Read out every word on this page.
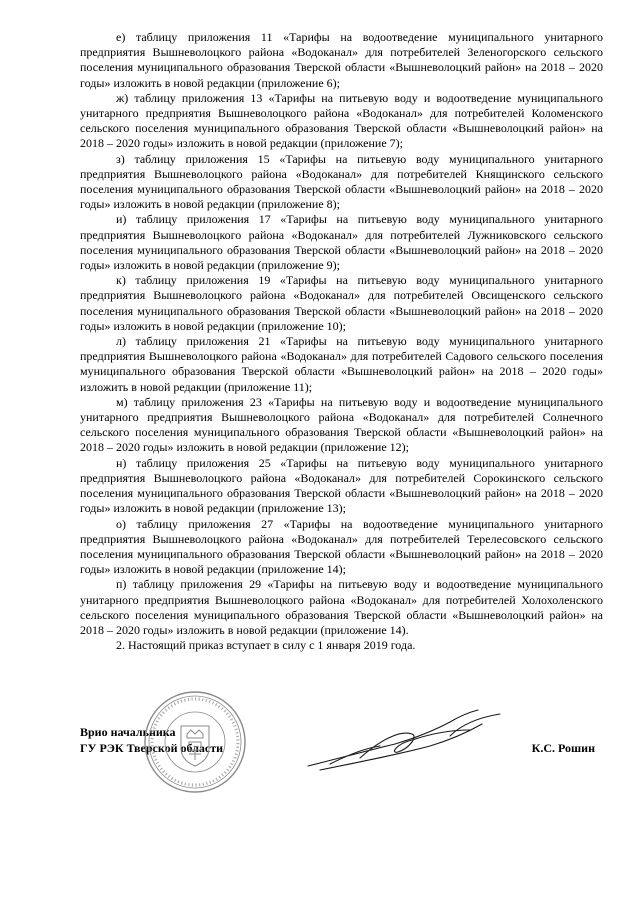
е) таблицу приложения 11 «Тарифы на водоотведение муниципального унитарного предприятия Вышневолоцкого района «Водоканал» для потребителей Зеленогорского сельского поселения муниципального образования Тверской области «Вышневолоцкий район» на 2018 – 2020 годы» изложить в новой редакции (приложение 6);

ж) таблицу приложения 13 «Тарифы на питьевую воду и водоотведение муниципального унитарного предприятия Вышневолоцкого района «Водоканал» для потребителей Коломенского сельского поселения муниципального образования Тверской области «Вышневолоцкий район» на 2018 – 2020 годы» изложить в новой редакции (приложение 7);

з) таблицу приложения 15 «Тарифы на питьевую воду муниципального унитарного предприятия Вышневолоцкого района «Водоканал» для потребителей Княщинского сельского поселения муниципального образования Тверской области «Вышневолоцкий район» на 2018 – 2020 годы» изложить в новой редакции (приложение 8);

и) таблицу приложения 17 «Тарифы на питьевую воду муниципального унитарного предприятия Вышневолоцкого района «Водоканал» для потребителей Лужниковского сельского поселения муниципального образования Тверской области «Вышневолоцкий район» на 2018 – 2020 годы» изложить в новой редакции (приложение 9);

к) таблицу приложения 19 «Тарифы на питьевую воду муниципального унитарного предприятия Вышневолоцкого района «Водоканал» для потребителей Овсищенского сельского поселения муниципального образования Тверской области «Вышневолоцкий район» на 2018 – 2020 годы» изложить в новой редакции (приложение 10);

л) таблицу приложения 21 «Тарифы на питьевую воду муниципального унитарного предприятия Вышневолоцкого района «Водоканал» для потребителей Садового сельского поселения муниципального образования Тверской области «Вышневолоцкий район» на 2018 – 2020 годы» изложить в новой редакции (приложение 11);

м) таблицу приложения 23 «Тарифы на питьевую воду и водоотведение муниципального унитарного предприятия Вышневолоцкого района «Водоканал» для потребителей Солнечного сельского поселения муниципального образования Тверской области «Вышневолоцкий район» на 2018 – 2020 годы» изложить в новой редакции (приложение 12);

н) таблицу приложения 25 «Тарифы на питьевую воду муниципального унитарного предприятия Вышневолоцкого района «Водоканал» для потребителей Сорокинского сельского поселения муниципального образования Тверской области «Вышневолоцкий район» на 2018 – 2020 годы» изложить в новой редакции (приложение 13);

о) таблицу приложения 27 «Тарифы на водоотведение муниципального унитарного предприятия Вышневолоцкого района «Водоканал» для потребителей Терелесовского сельского поселения муниципального образования Тверской области «Вышневолоцкий район» на 2018 – 2020 годы» изложить в новой редакции (приложение 14);

п) таблицу приложения 29 «Тарифы на питьевую воду и водоотведение муниципального унитарного предприятия Вышневолоцкого района «Водоканал» для потребителей Холохоленского сельского поселения муниципального образования Тверской области «Вышневолоцкий район» на 2018 – 2020 годы» изложить в новой редакции (приложение 14).

2. Настоящий приказ вступает в силу с 1 января 2019 года.

Врио начальника
ГУ РЭК Тверской области	К.С. Рошин
